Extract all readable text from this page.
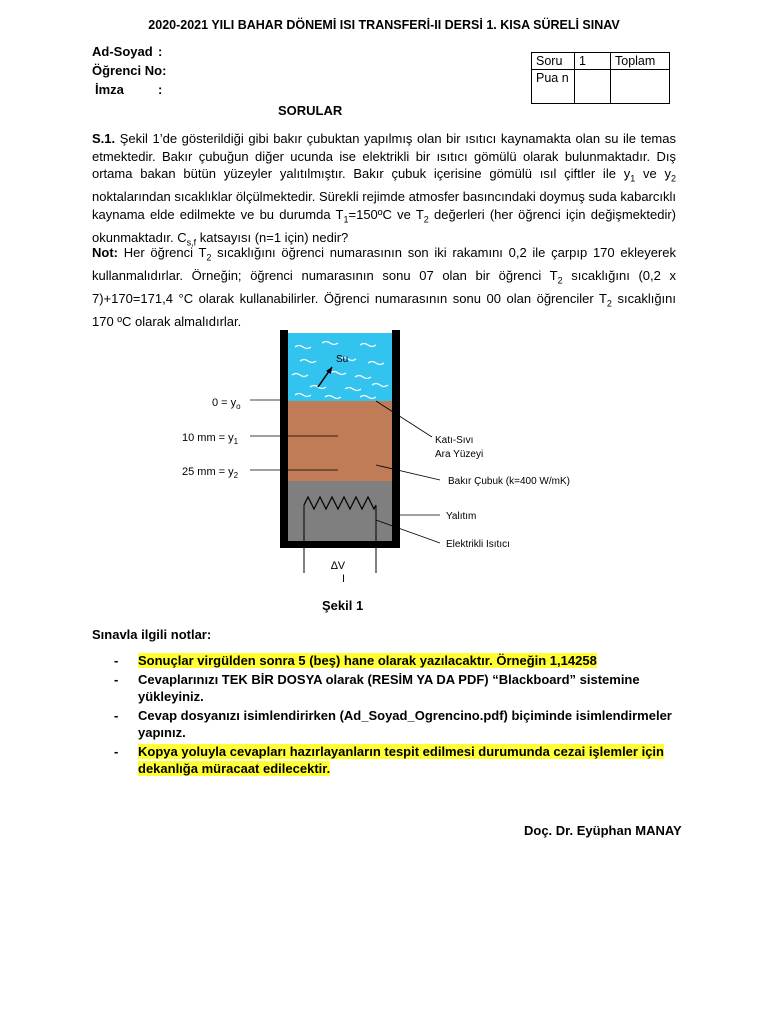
2020-2021 YILI BAHAR DÖNEMİ ISI TRANSFERİ-II DERSİ 1. KISA SÜRELİ SINAV
Ad-Soyad :
Öğrenci No:
İmza	:
Soru	1	Toplam
Pua n		
SORULAR
S.1. Şekil 1’de gösterildiği gibi bakır çubuktan yapılmış olan bir ısıtıcı kaynamakta olan su ile temas etmektedir. Bakır çubuğun diğer ucunda ise elektrikli bir ısıtıcı gömülü olarak bulunmaktadır. Dış ortama bakan bütün yüzeyler yalıtılmıştır. Bakır çubuk içerisine gömülü ısıl çiftler ile $y_1$ ve $y_2$ noktalarından sıcaklıklar ölçülmektedir. Sürekli rejimde atmosfer basıncındaki doymuş suda kabarcıklı kaynama elde edilmekte ve bu durumda $T_1=150ºC$ ve $T_2$ değerleri (her öğrenci için değişmektedir) okunmaktadır. $C_{s,f}$ katsayısı (n=1 için) nedir?
Not: Her öğrenci $T_2$ sıcaklığını öğrenci numarasının son iki rakamını 0,2 ile çarpıp 170 ekleyerek kullanmalıdırlar. Örneğin; öğrenci numarasının sonu 07 olan bir öğrenci $T_2$ sıcaklığını (0,2 x 7)+170=171,4 °C olarak kullanabilirler. Öğrenci numarasının sonu 00 olan öğrenciler $T_2$ sıcaklığını 170 ºC olarak almalıdırlar.
Su
∆V
I
$0 = y_o$
10 mm = $y_1$
25 mm = $y_2$
Katı-Sıvı
Ara Yüzeyi
Bakır Çubuk (k=400 W/mK)
Yalıtım
Elektrikli Isıtıcı
Şekil 1
Sınavla ilgili notlar:
- Sonuçlar virgülden sonra 5 (beş) hane olarak yazılacaktır. Örneğin 1,14258
- Cevaplarınızı TEK BİR DOSYA olarak (RESİM YA DA PDF) “Blackboard” sistemine yükleyiniz.
- Cevap dosyanızı isimlendirirken (Ad_Soyad_Ogrencino.pdf) biçiminde isimlendirmeler yapınız.
- Kopya yoluyla cevapları hazırlayanların tespit edilmesi durumunda cezai işlemler için dekanlığa müracaat edilecektir.
Doç. Dr. Eyüphan MANAY
